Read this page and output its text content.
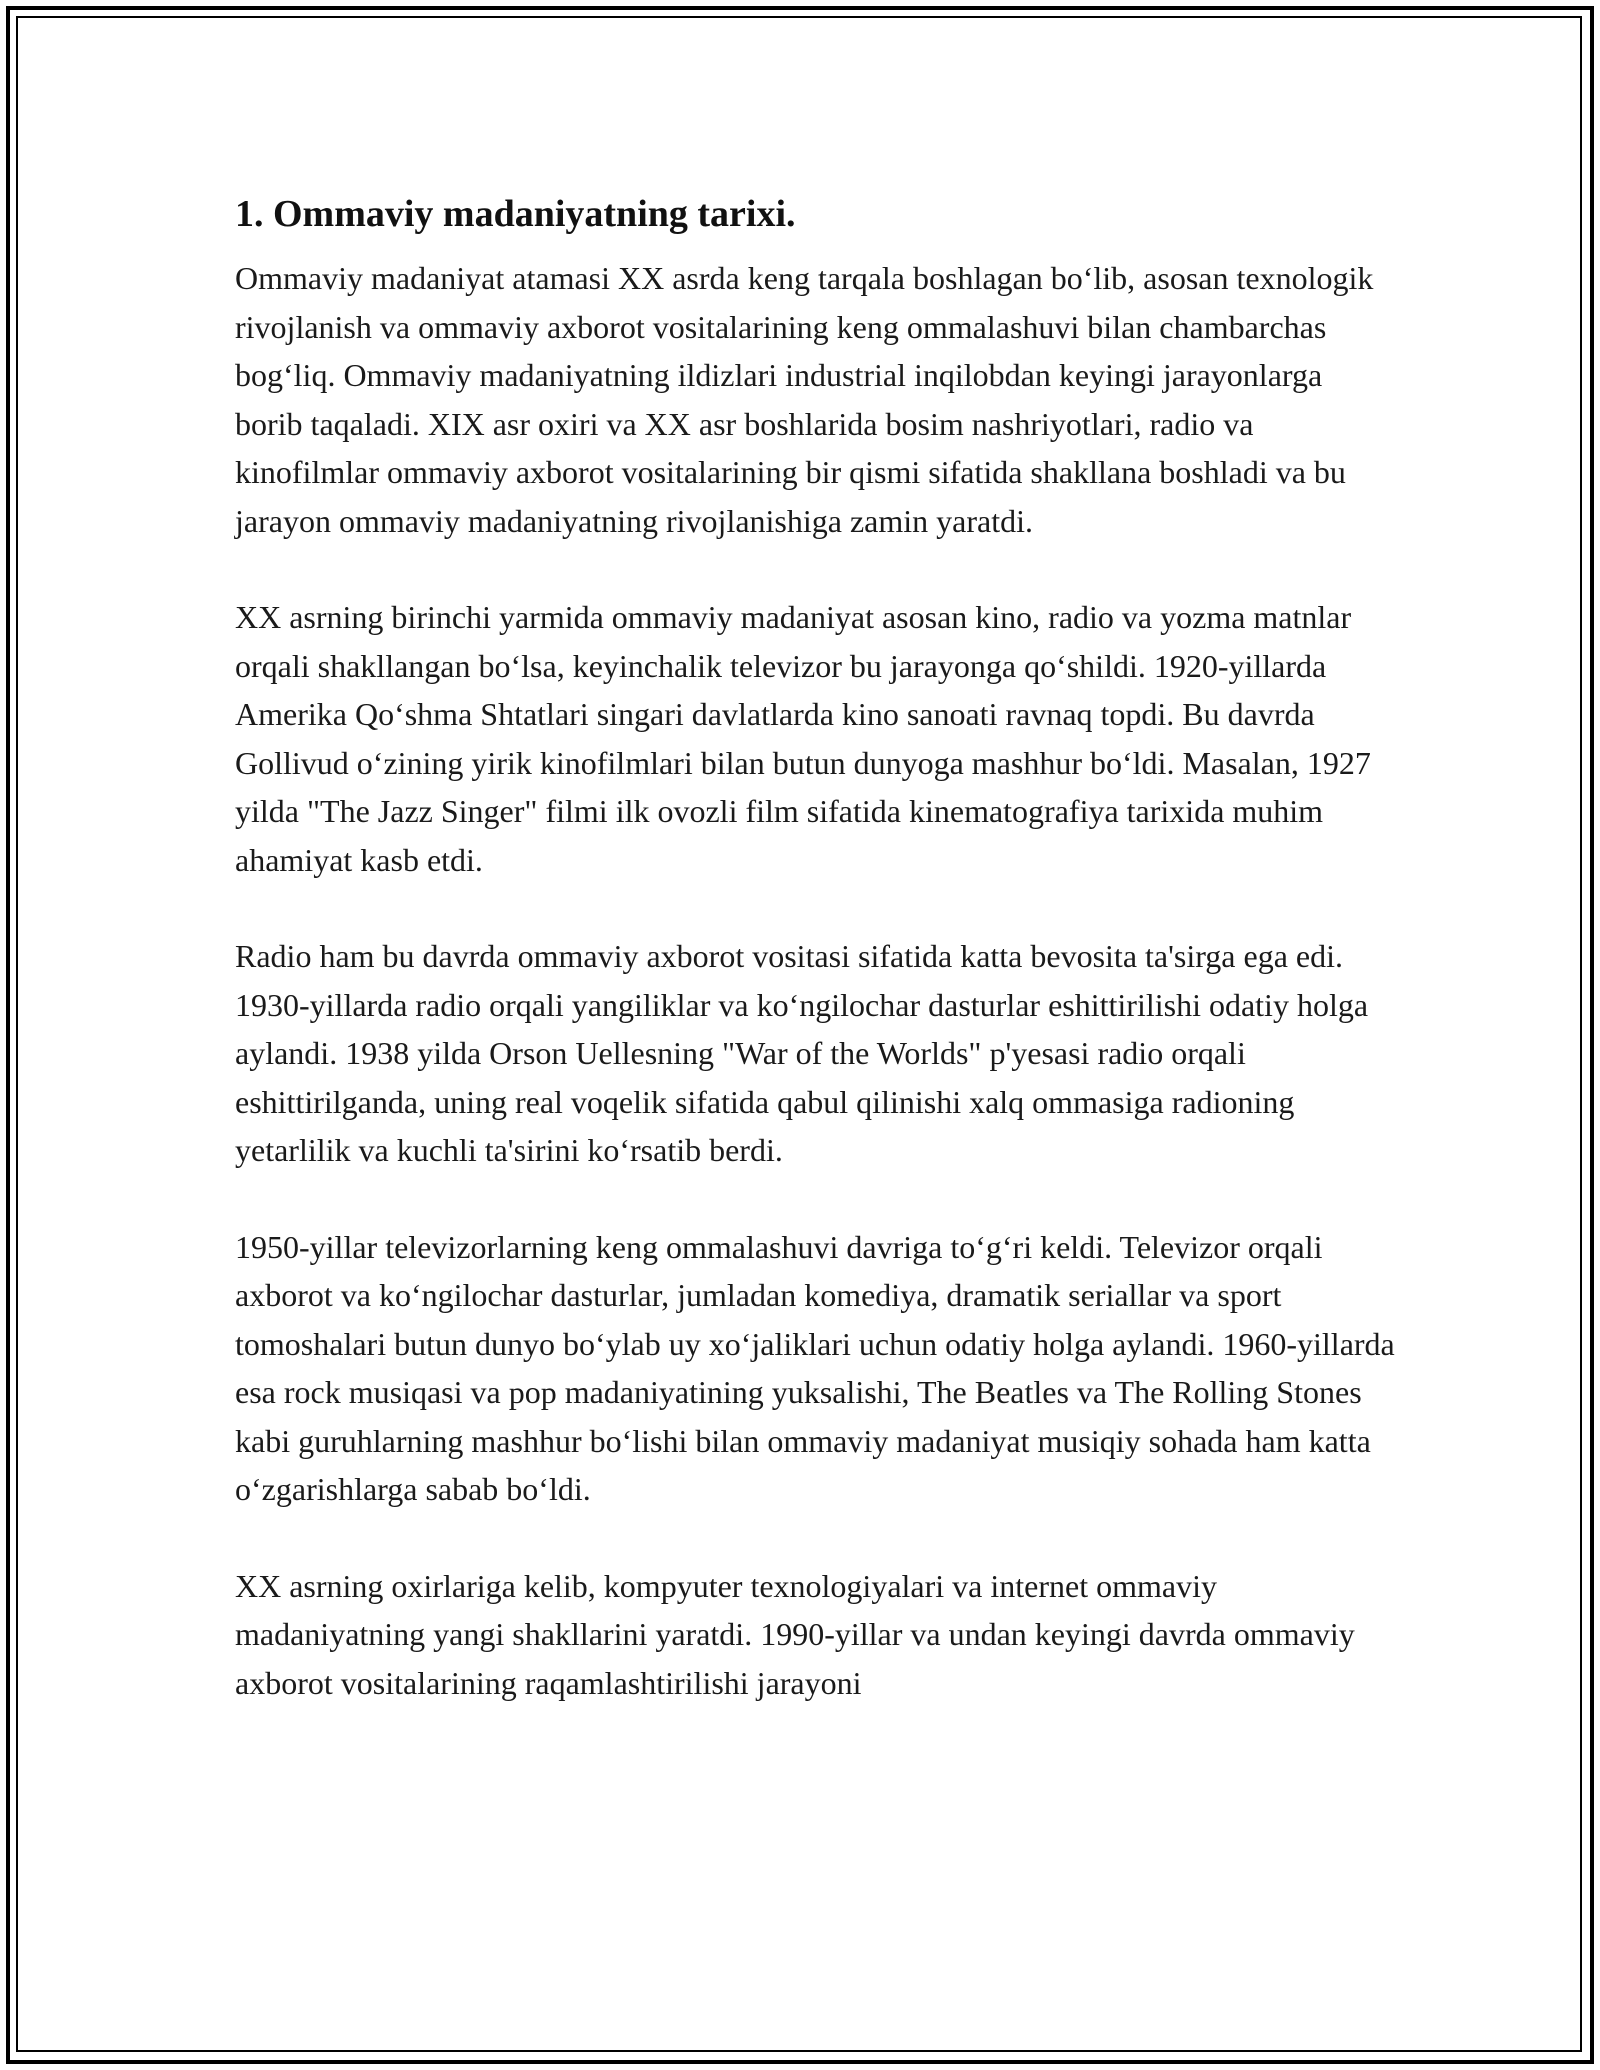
1. Ommaviy madaniyatning tarixi.

Ommaviy madaniyat atamasi XX asrda keng tarqala boshlagan bo‘lib, asosan texnologik rivojlanish va ommaviy axborot vositalarining keng ommalashuvi bilan chambarchas bog‘liq. Ommaviy madaniyatning ildizlari industrial inqilobdan keyingi jarayonlarga borib taqaladi. XIX asr oxiri va XX asr boshlarida bosim nashriyotlari, radio va kinofilmlar ommaviy axborot vositalarining bir qismi sifatida shakllana boshladi va bu jarayon ommaviy madaniyatning rivojlanishiga zamin yaratdi.

XX asrning birinchi yarmida ommaviy madaniyat asosan kino, radio va yozma matnlar orqali shakllangan bo‘lsa, keyinchalik televizor bu jarayonga qo‘shildi. 1920-yillarda Amerika Qo‘shma Shtatlari singari davlatlarda kino sanoati ravnaq topdi. Bu davrda Gollivud o‘zining yirik kinofilmlari bilan butun dunyoga mashhur bo‘ldi. Masalan, 1927 yilda "The Jazz Singer" filmi ilk ovozli film sifatida kinematografiya tarixida muhim ahamiyat kasb etdi.

Radio ham bu davrda ommaviy axborot vositasi sifatida katta bevosita ta'sirga ega edi. 1930-yillarda radio orqali yangiliklar va ko‘ngilochar dasturlar eshittirilishi odatiy holga aylandi. 1938 yilda Orson Uellesning "War of the Worlds" p'yesasi radio orqali eshittirilganda, uning real voqelik sifatida qabul qilinishi xalq ommasiga radioning yetarlilik va kuchli ta'sirini ko‘rsatib berdi.

1950-yillar televizorlarning keng ommalashuvi davriga to‘g‘ri keldi. Televizor orqali axborot va ko‘ngilochar dasturlar, jumladan komediya, dramatik seriallar va sport tomoshalari butun dunyo bo‘ylab uy xo‘jaliklari uchun odatiy holga aylandi. 1960-yillarda esa rock musiqasi va pop madaniyatining yuksalishi, The Beatles va The Rolling Stones kabi guruhlarning mashhur bo‘lishi bilan ommaviy madaniyat musiqiy sohada ham katta o‘zgarishlarga sabab bo‘ldi.

XX asrning oxirlariga kelib, kompyuter texnologiyalari va internet ommaviy madaniyatning yangi shakllarini yaratdi. 1990-yillar va undan keyingi davrda ommaviy axborot vositalarining raqamlashtirilishi jarayoni
